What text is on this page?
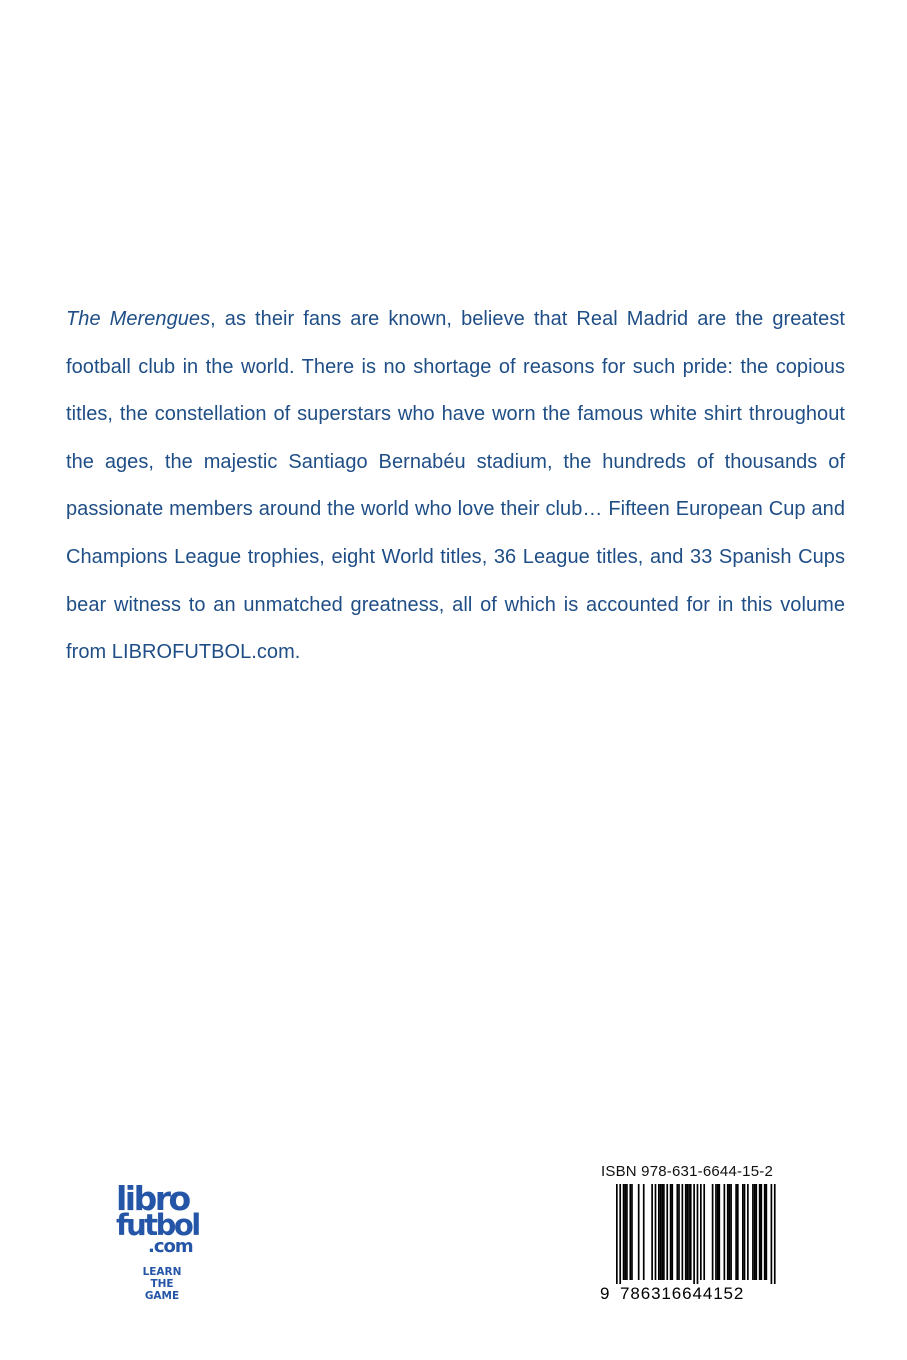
The Merengues, as their fans are known, believe that Real Madrid are the greatest football club in the world. There is no shortage of reasons for such pride: the copious titles, the constellation of superstars who have worn the famous white shirt throughout the ages, the majestic Santiago Bernabéu stadium, the hundreds of thousands of passionate members around the world who love their club… Fifteen European Cup and Champions League trophies, eight World titles, 36 League titles, and 33 Spanish Cups bear witness to an unmatched greatness, all of which is accounted for in this volume from LIBROFUTBOL.com.

libro
futbol
.com
LEARN
THE GAME
ISBN 978-631-6644-15-2
9 786316644152
